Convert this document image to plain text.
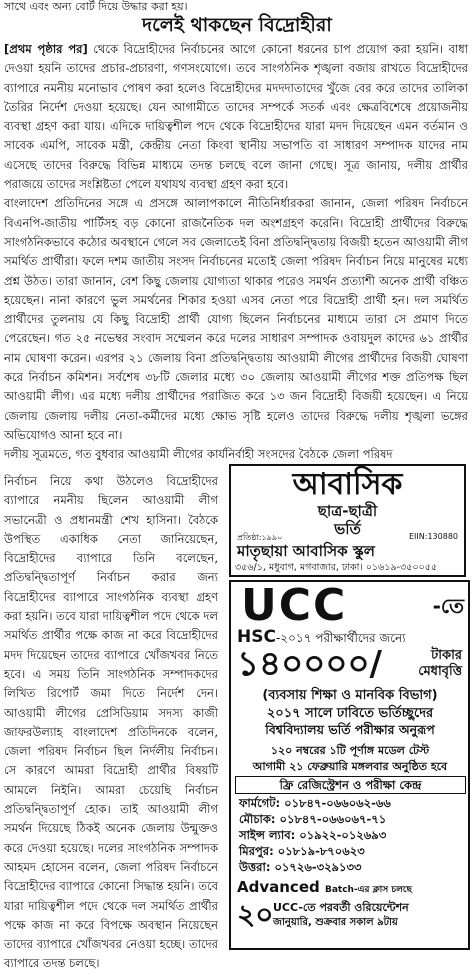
সাথে এবং অন্য বোর্ট দিয়ে উদ্ধার করা হয়।
দলেই থাকছেন বিদ্রোহীরা

[প্রথম পৃষ্ঠার পর] থেকে বিদ্রোহীদের নির্বাচনের আগে কোনো ধরনের চাপ প্রয়োগ করা হয়নি। বাধা দেওয়া হয়নি তাদের প্রচার-প্রচারণা, গণসংযোগে। তবে সাংগঠনিক শৃঙ্খলা বজায় রাখতে বিদ্রোহীদের ব্যাপারে নমনীয় মনোভাব পোষণ করা হলেও বিদ্রোহীদের মদদদাতাদের খুঁজে বের করে তাদের তালিকা তৈরির নির্দেশ দেওয়া হয়েছে। যেন আগামীতে তাদের সম্পর্কে সতর্ক এবং ক্ষেত্রবিশেষে প্রয়োজনীয় ব্যবস্থা গ্রহণ করা যায়। এদিকে দায়িত্বশীল পদে থেকে বিদ্রোহীদের যারা মদদ দিয়েছেন এমন বর্তমান ও সাবেক এমপি, সাবেক মন্ত্রী, কেন্দ্রীয় নেতা কিংবা স্থানীয় সভাপতি বা সাধারণ সম্পাদক যাদের নাম এসেছে তাদের বিরুদ্ধে বিভিন্ন মাধ্যমে তদন্ত চলছে বলে জানা গেছে। সূত্র জানায়, দলীয় প্রার্থীর পরাজয়ে তাদের সংশ্লিষ্টতা পেলে যথাযথ ব্যবস্থা গ্রহণ করা হবে।

বাংলাদেশ প্রতিদিনের সঙ্গে এ প্রসঙ্গে আলাপকালে নীতিনির্ধারকরা জানান, জেলা পরিষদ নির্বাচনে বিএনপি-জাতীয় পার্টিসহ বড় কোনো রাজনৈতিক দল অংশগ্রহণ করেনি। বিদ্রোহী প্রার্থীদের বিরুদ্ধে সাংগঠনিকভাবে কঠোর অবস্থানে গেলে সব জেলাতেই বিনা প্রতিদ্বন্দ্বিতায় বিজয়ী হতেন আওয়ামী লীগ সমর্থিত প্রার্থীরা। ফলে দশম জাতীয় সংসদ নির্বাচনের মতোই জেলা পরিষদ নির্বাচন নিয়ে মানুষের মধ্যে প্রশ্ন উঠত। তারা জানান, বেশ কিছু জেলায় যোগ্যতা থাকার পরেও সমর্থন প্রত্যাশী অনেক প্রার্থী বঞ্চিত হয়েছেন। নানা কারণে ভুল সমর্থনের শিকার হওয়া এসব নেতা পরে বিদ্রোহী প্রার্থী হন। দল সমর্থিত প্রার্থীদের তুলনায় যে কিছু বিদ্রোহী প্রার্থী যোগ্য ছিলেন নির্বাচনের মাধ্যমে তারা সে প্রমাণ দিতে পেরেছেন। গত ২৫ নভেম্বর সংবাদ সম্মেলন করে দলের সাধারণ সম্পাদক ওবায়দুল কাদের ৬১ প্রার্থীর নাম ঘোষণা করেন। এরপর ২১ জেলায় বিনা প্রতিদ্বন্দ্বিতায় আওয়ামী লীগের প্রার্থীদের বিজয়ী ঘোষণা করে নির্বাচন কমিশন। সর্বশেষ ৩৮টি জেলার মধ্যে ৩০ জেলায় আওয়ামী লীগের শক্ত প্রতিপক্ষ ছিল আওয়ামী লীগ। এর মধ্যে দলীয় প্রার্থীদের পরাজিত করে ১৩ জন বিদ্রোহী বিজয়ী হয়েছেন। এ নিয়ে জেলায় জেলায় দলীয় নেতা-কর্মীদের মধ্যে ক্ষোভ সৃষ্টি হলেও তাদের বিরুদ্ধে দলীয় শৃঙ্খলা ভঙ্গের অভিযোগও আনা হবে না।

দলীয় সূত্রমতে, গত বুধবার আওয়ামী লীগের কার্যনির্বাহী সংসদের বৈঠকে জেলা পরিষদ

নির্বাচন নিয়ে কথা উঠলেও বিদ্রোহীদের ব্যাপারে নমনীয় ছিলেন আওয়ামী লীগ সভানেত্রী ও প্রধানমন্ত্রী শেখ হাসিনা। বৈঠকে উপস্থিত একাধিক নেতা জানিয়েছেন, বিদ্রোহীদের ব্যাপারে তিনি বলেছেন, প্রতিদ্বন্দ্বিতাপূর্ণ নির্বাচন করার জন্য বিদ্রোহীদের ব্যাপারে সাংগঠনিক ব্যবস্থা গ্রহণ করা হয়নি। তবে যারা দায়িত্বশীল পদে থেকে দল সমর্থিত প্রার্থীর পক্ষে কাজ না করে বিদ্রোহীদের মদদ দিয়েছেন তাদের ব্যাপারে খোঁজখবর নিতে হবে। এ সময় তিনি সাংগঠনিক সম্পাদকদের লিখিত রিপোর্ট জমা দিতে নির্দেশ দেন। আওয়ামী লীগের প্রেসিডিয়াম সদস্য কাজী জাফরউল্যাহ বাংলাদেশ প্রতিদিনকে বলেন, জেলা পরিষদ নির্বাচন ছিল নির্দলীয় নির্বাচন। সে কারণে আমরা বিদ্রোহী প্রার্থীর বিষয়টি আমলে নিইনি। আমরা চেয়েছি নির্বাচন প্রতিদ্বন্দ্বিতাপূর্ণ হোক। তাই আওয়ামী লীগ সমর্থন দিয়েছে ঠিকই অনেক জেলায় উন্মুক্তও করে দেওয়া হয়েছে। দলের সাংগঠনিক সম্পাদক আহমদ হোসেন বলেন, জেলা পরিষদ নির্বাচনে বিদ্রোহীদের ব্যাপারে কোনো সিদ্ধান্ত হয়নি। তবে যারা দায়িত্বশীল পদে থেকে দল সমর্থিত প্রার্থীর পক্ষে কাজ না করে বিপক্ষে অবস্থান নিয়েছেন তাদের ব্যাপারে খোঁজখবর নেওয়া হচ্ছে। তাদের ব্যাপারে তদন্ত চলছে।

আবাসিক
ছাত্র-ছাত্রী
ভর্তি
প্রতিষ্ঠা:১৯৯০	EIIN:130880
মাতৃছায়া আবাসিক স্কুল
৩৫৬/১, মধুবাগ, মগবাজার, ঢাকা। ০১৬১৯-৩৫০০৫৫
UCC	-তে
HSC-২০১৭ পরীক্ষার্থীদের জন্যে
১৪০০০০/	টাকার
মেধাবৃত্তি
(ব্যবসায় শিক্ষা ও মানবিক বিভাগ)
২০১৭ সালে ঢাবিতে ভর্তিচ্ছুদের
বিশ্ববিদ্যালয় ভর্তি পরীক্ষার অনুরূপ
১২০ নম্বরের ১টি পূর্ণাঙ্গ মডেল টেস্ট
আগামী ২১ ফেব্রুয়ারি মঙ্গলবার অনুষ্ঠিত হবে
ফ্রি রেজিস্ট্রেশন ও পরীক্ষা কেন্দ্র
ফার্মগেট: ০১৮৪৭-০৬৬০৬২-৬৬
মৌচাক: ০১৮৪৭-০৬৬০৬৭-৭১
সাইন্স ল্যাব: ০১৯২২-০১২৬৯৩
মিরপুর: ০১৮১৯-৮৭০৬২৩
উত্তরা: ০১৭২৬-৩২৯১৩৩
Advanced Batch-এর ক্লাস চলছে
২০ UCC-তে পরবর্তী ওরিয়েন্টেশন
জানুয়ারি, শুক্রবার সকাল ৯টায়
